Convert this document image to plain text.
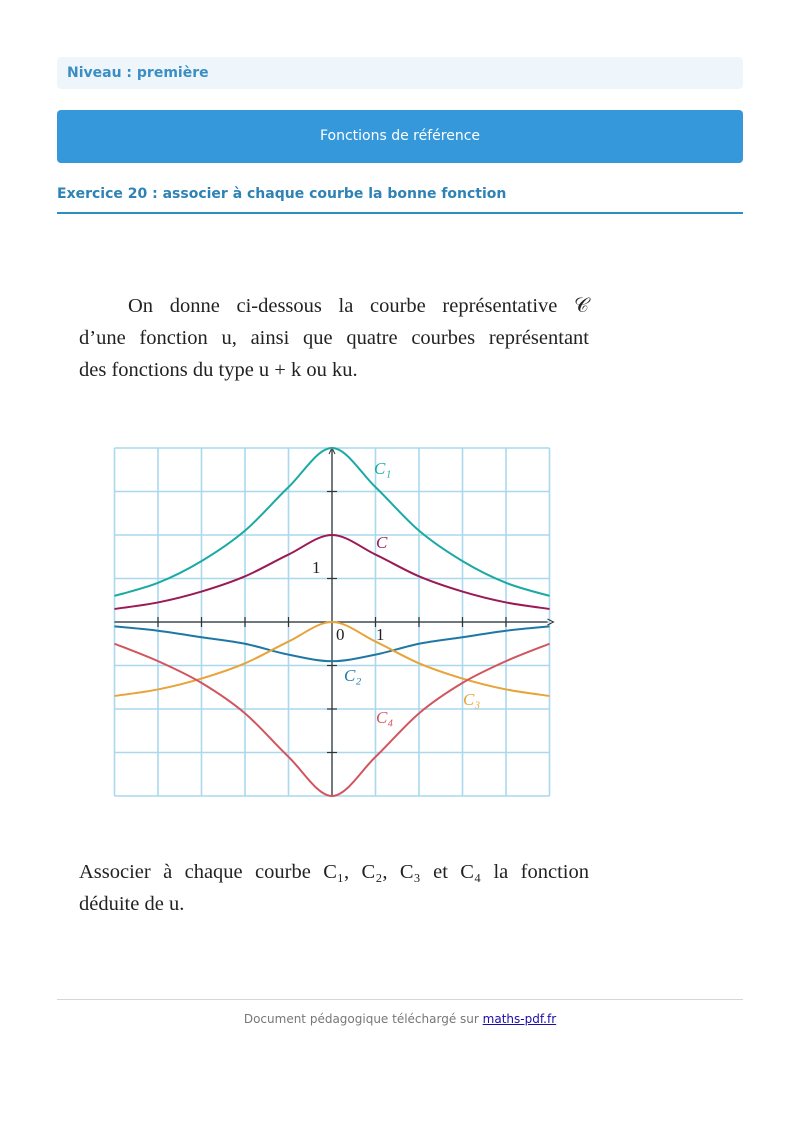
Niveau : première
Fonctions de référence
Exercice 20 : associer à chaque courbe la bonne fonction
On donne ci-dessous la courbe représentative 𝒞
d’une fonction u, ainsi que quatre courbes représentant
des fonctions du type u + k ou ku.
C₁
C
C₂
C₃
C₄
0 1
1
Associer à chaque courbe C₁, C₂, C₃ et C₄ la fonction
déduite de u.
Document pédagogique téléchargé sur maths-pdf.fr
